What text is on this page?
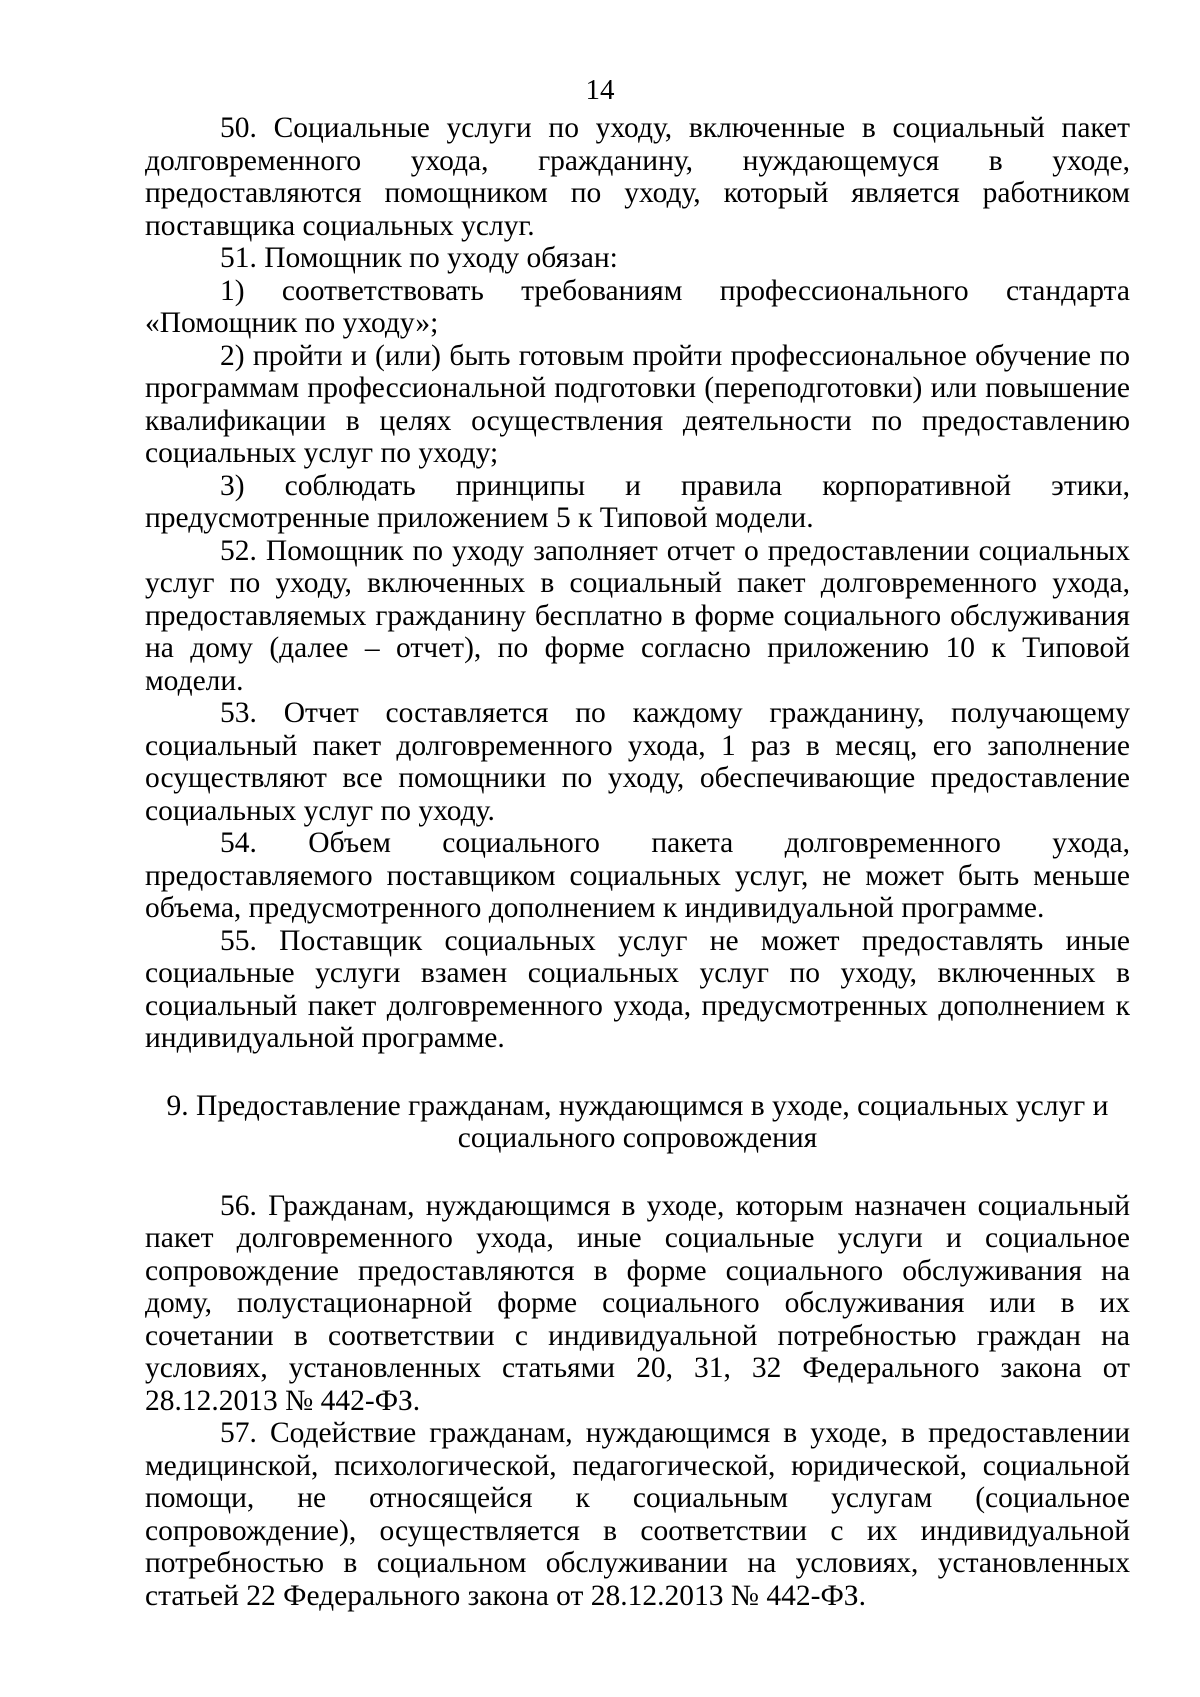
14

50. Социальные услуги по уходу, включенные в социальный пакет долговременного ухода, гражданину, нуждающемуся в уходе, предоставляются помощником по уходу, который является работником поставщика социальных услуг.

51. Помощник по уходу обязан:

1) соответствовать требованиям профессионального стандарта «Помощник по уходу»;

2) пройти и (или) быть готовым пройти профессиональное обучение по программам профессиональной подготовки (переподготовки) или повышение квалификации в целях осуществления деятельности по предоставлению социальных услуг по уходу;

3) соблюдать принципы и правила корпоративной этики, предусмотренные приложением 5 к Типовой модели.

52. Помощник по уходу заполняет отчет о предоставлении социальных услуг по уходу, включенных в социальный пакет долговременного ухода, предоставляемых гражданину бесплатно в форме социального обслуживания на дому (далее – отчет), по форме согласно приложению 10 к Типовой модели.

53. Отчет составляется по каждому гражданину, получающему социальный пакет долговременного ухода, 1 раз в месяц, его заполнение осуществляют все помощники по уходу, обеспечивающие предоставление социальных услуг по уходу.

54. Объем социального пакета долговременного ухода, предоставляемого поставщиком социальных услуг, не может быть меньше объема, предусмотренного дополнением к индивидуальной программе.

55. Поставщик социальных услуг не может предоставлять иные социальные услуги взамен социальных услуг по уходу, включенных в социальный пакет долговременного ухода, предусмотренных дополнением к индивидуальной программе.

9. Предоставление гражданам, нуждающимся в уходе, социальных услуг и социального сопровождения

56. Гражданам, нуждающимся в уходе, которым назначен социальный пакет долговременного ухода, иные социальные услуги и социальное сопровождение предоставляются в форме социального обслуживания на дому, полустационарной форме социального обслуживания или в их сочетании в соответствии с индивидуальной потребностью граждан на условиях, установленных статьями 20, 31, 32 Федерального закона от 28.12.2013 № 442-ФЗ.

57. Содействие гражданам, нуждающимся в уходе, в предоставлении медицинской, психологической, педагогической, юридической, социальной помощи, не относящейся к социальным услугам (социальное сопровождение), осуществляется в соответствии с их индивидуальной потребностью в социальном обслуживании на условиях, установленных статьей 22 Федерального закона от 28.12.2013 № 442-ФЗ.
